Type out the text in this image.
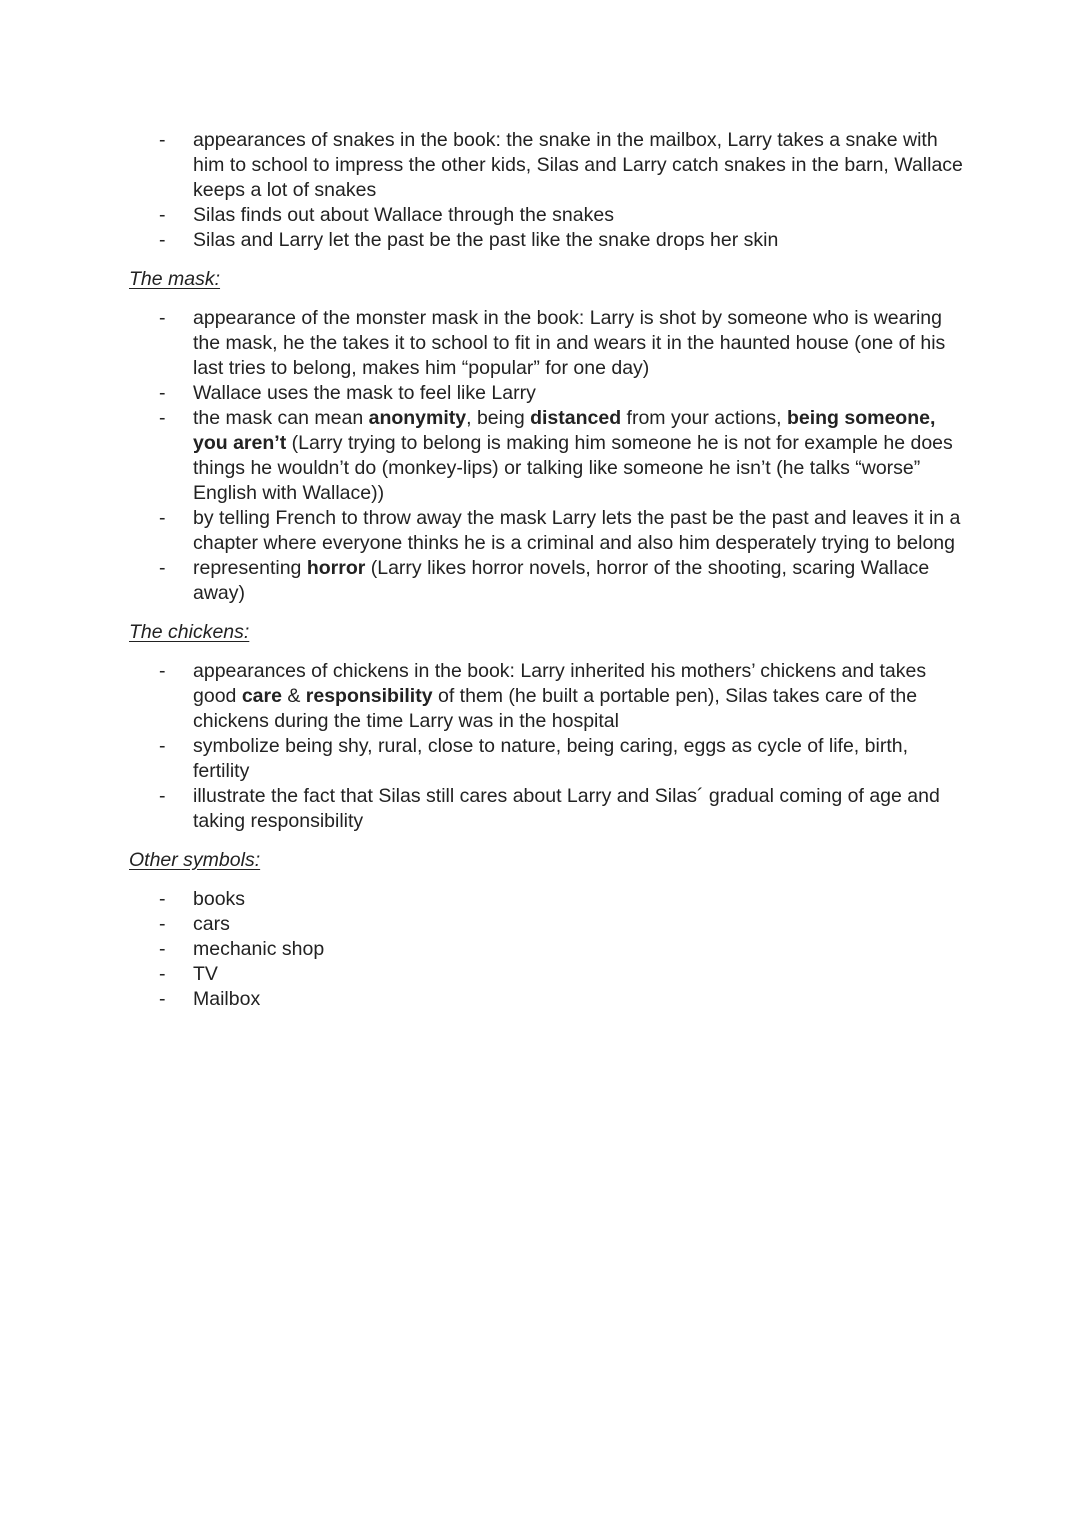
- appearances of snakes in the book: the snake in the mailbox, Larry takes a snake with him to school to impress the other kids, Silas and Larry catch snakes in the barn, Wallace keeps a lot of snakes
- Silas finds out about Wallace through the snakes
- Silas and Larry let the past be the past like the snake drops her skin
The mask:
- appearance of the monster mask in the book: Larry is shot by someone who is wearing the mask, he the takes it to school to fit in and wears it in the haunted house (one of his last tries to belong, makes him “popular” for one day)
- Wallace uses the mask to feel like Larry
- the mask can mean anonymity, being distanced from your actions, being someone, you aren’t (Larry trying to belong is making him someone he is not for example he does things he wouldn’t do (monkey-lips) or talking like someone he isn’t (he talks “worse” English with Wallace))
- by telling French to throw away the mask Larry lets the past be the past and leaves it in a chapter where everyone thinks he is a criminal and also him desperately trying to belong
- representing horror (Larry likes horror novels, horror of the shooting, scaring Wallace away)
The chickens:
- appearances of chickens in the book: Larry inherited his mothers’ chickens and takes good care & responsibility of them (he built a portable pen), Silas takes care of the chickens during the time Larry was in the hospital
- symbolize being shy, rural, close to nature, being caring, eggs as cycle of life, birth, fertility
- illustrate the fact that Silas still cares about Larry and Silas´ gradual coming of age and taking responsibility
Other symbols:
- books
- cars
- mechanic shop
- TV
- Mailbox
